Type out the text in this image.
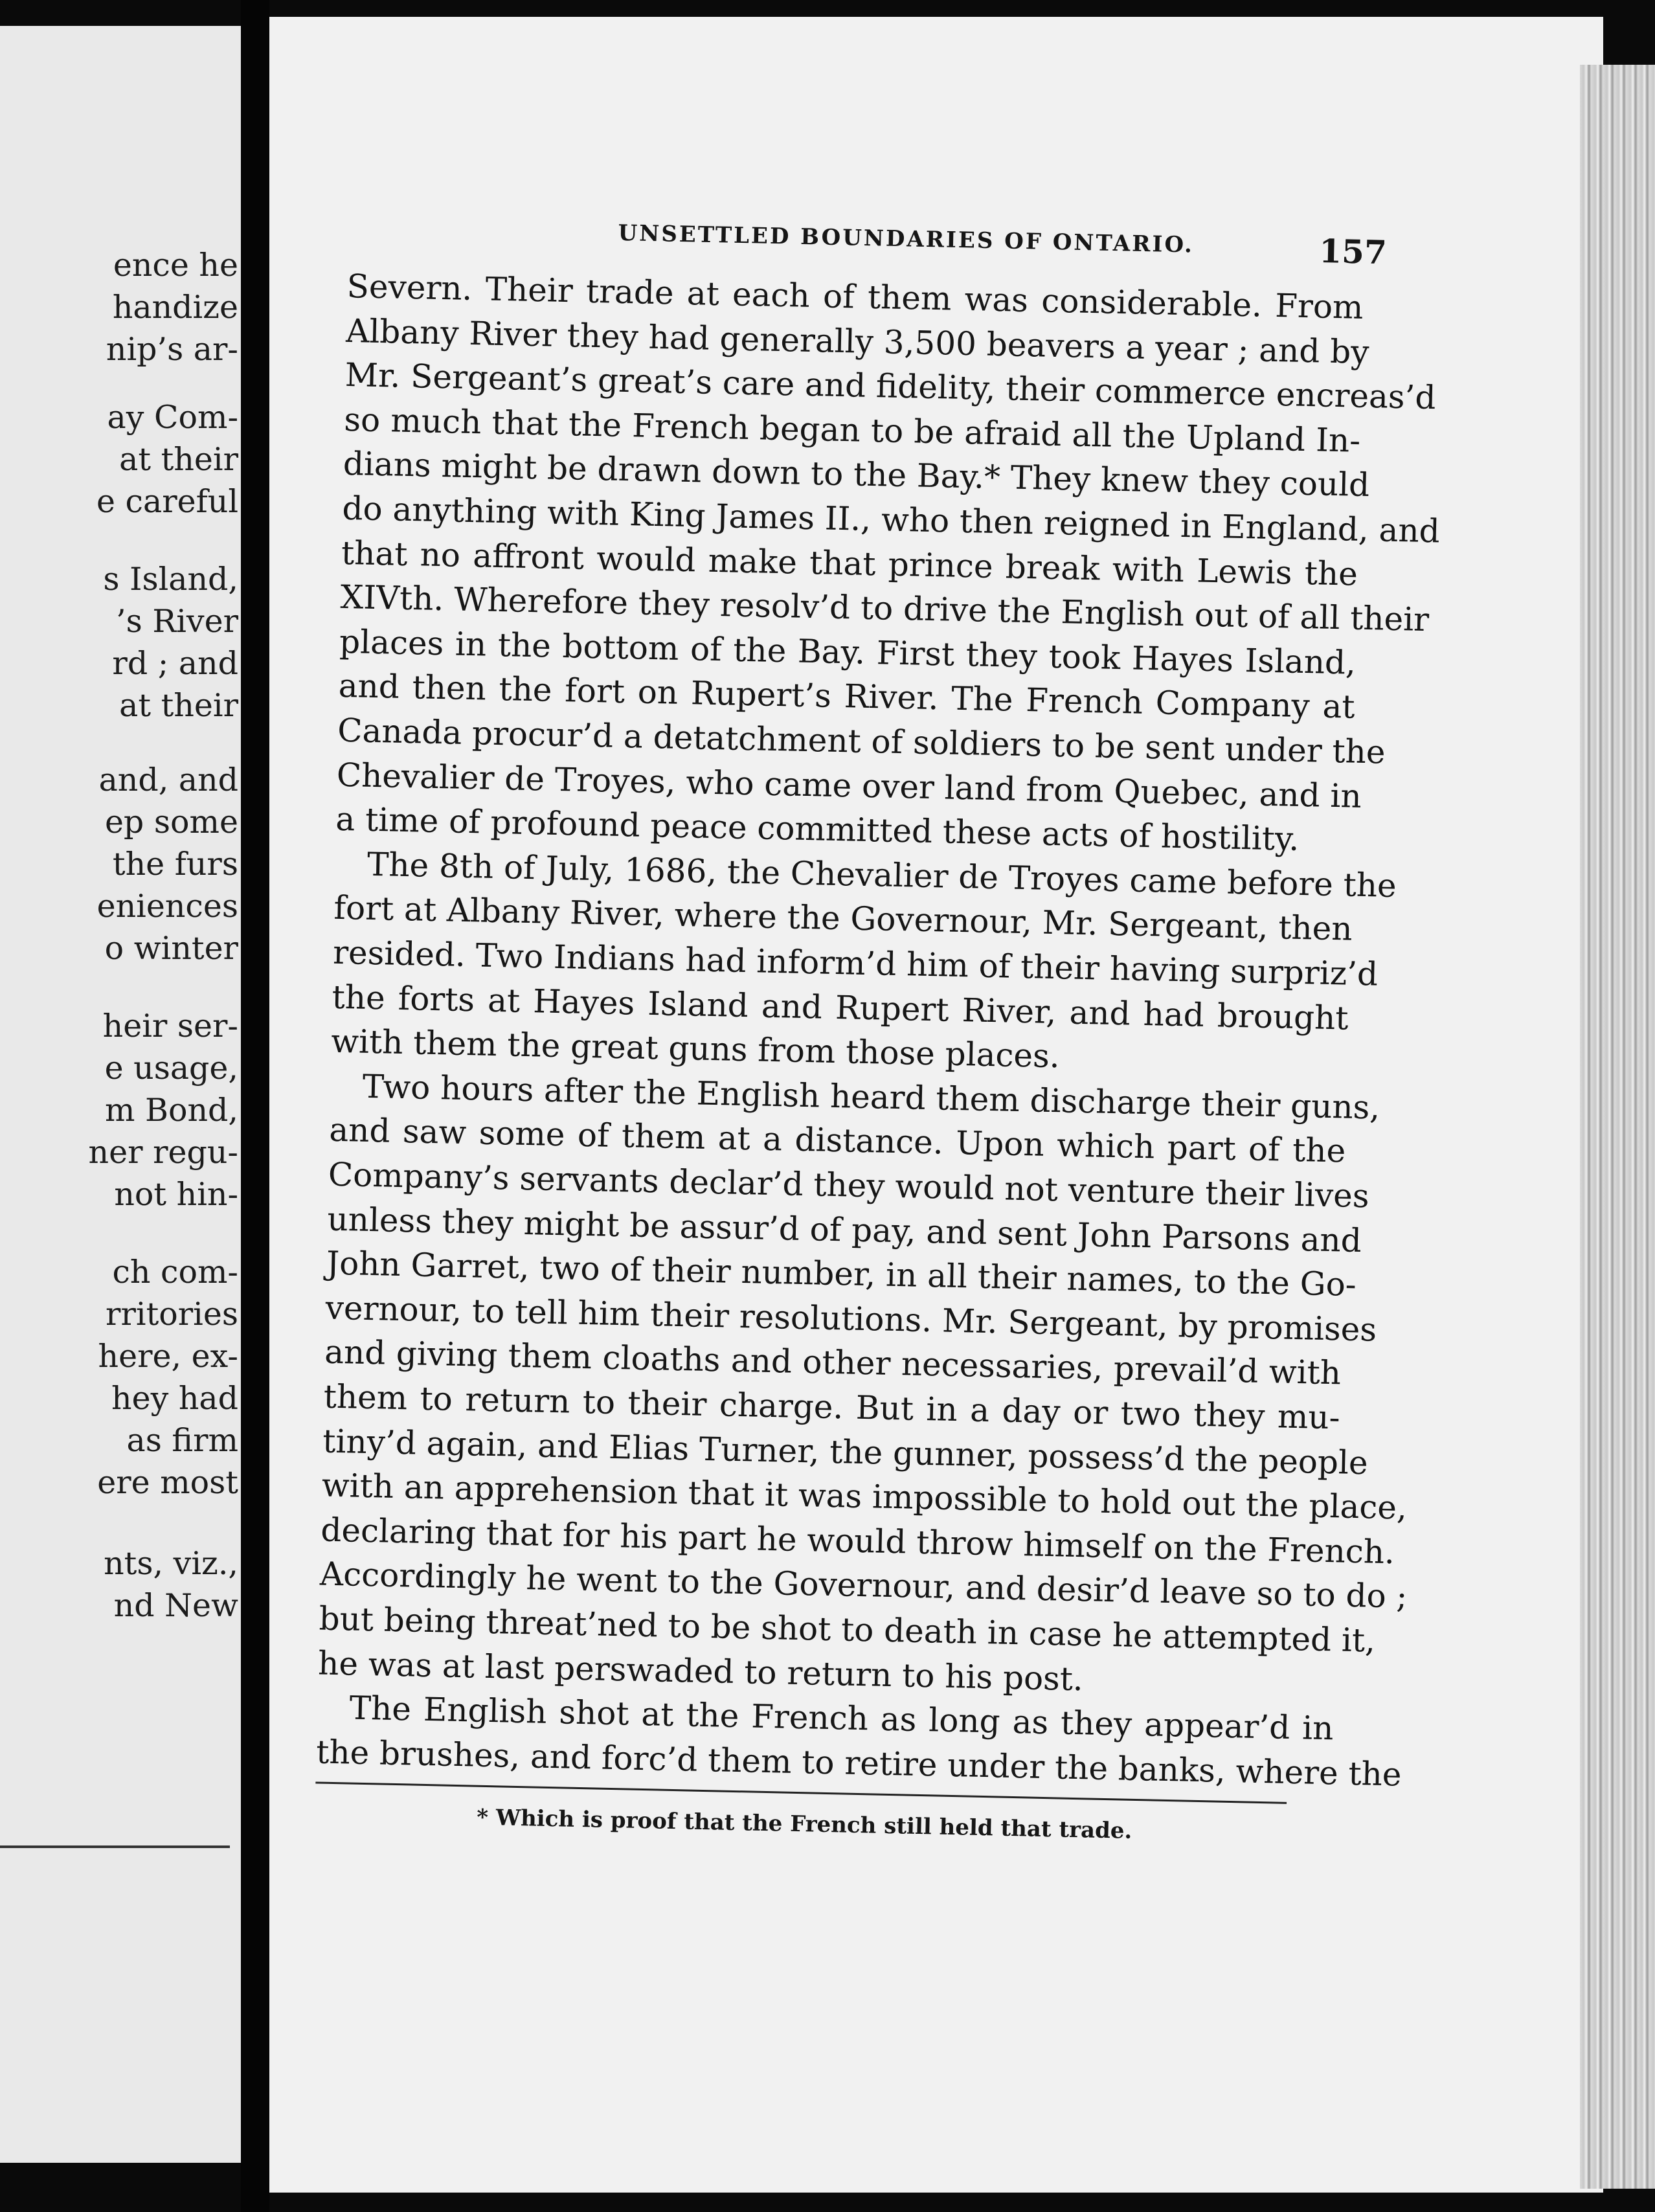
ence he
handize
nip’s ar-
ay Com-
at their
e careful
s Island,
’s River
rd ; and
at their
and, and
ep some
the furs
eniences
o winter
heir ser-
e usage,
m Bond,
ner regu-
not hin-
ch com-
rritories
here, ex-
hey had
as firm
ere most
nts, viz.,
nd New
UNSETTLED BOUNDARIES OF ONTARIO.	157
Severn. Their trade at each of them was considerable. From
Albany River they had generally 3,500 beavers a year ; and by
Mr. Sergeant’s great’s care and fidelity, their commerce encreas’d
so much that the French began to be afraid all the Upland In-
dians might be drawn down to the Bay.* They knew they could
do anything with King James II., who then reigned in England, and
that no affront would make that prince break with Lewis the
XIVth. Wherefore they resolv’d to drive the English out of all their
places in the bottom of the Bay. First they took Hayes Island,
and then the fort on Rupert’s River. The French Company at
Canada procur’d a detatchment of soldiers to be sent under the
Chevalier de Troyes, who came over land from Quebec, and in
a time of profound peace committed these acts of hostility.
The 8th of July, 1686, the Chevalier de Troyes came before the
fort at Albany River, where the Governour, Mr. Sergeant, then
resided. Two Indians had inform’d him of their having surpriz’d
the forts at Hayes Island and Rupert River, and had brought
with them the great guns from those places.
Two hours after the English heard them discharge their guns,
and saw some of them at a distance. Upon which part of the
Company’s servants declar’d they would not venture their lives
unless they might be assur’d of pay, and sent John Parsons and
John Garret, two of their number, in all their names, to the Go-
vernour, to tell him their resolutions. Mr. Sergeant, by promises
and giving them cloaths and other necessaries, prevail’d with
them to return to their charge. But in a day or two they mu-
tiny’d again, and Elias Turner, the gunner, possess’d the people
with an apprehension that it was impossible to hold out the place,
declaring that for his part he would throw himself on the French.
Accordingly he went to the Governour, and desir’d leave so to do ;
but being threat’ned to be shot to death in case he attempted it,
he was at last perswaded to return to his post.
The English shot at the French as long as they appear’d in
the brushes, and forc’d them to retire under the banks, where the
* Which is proof that the French still held that trade.
